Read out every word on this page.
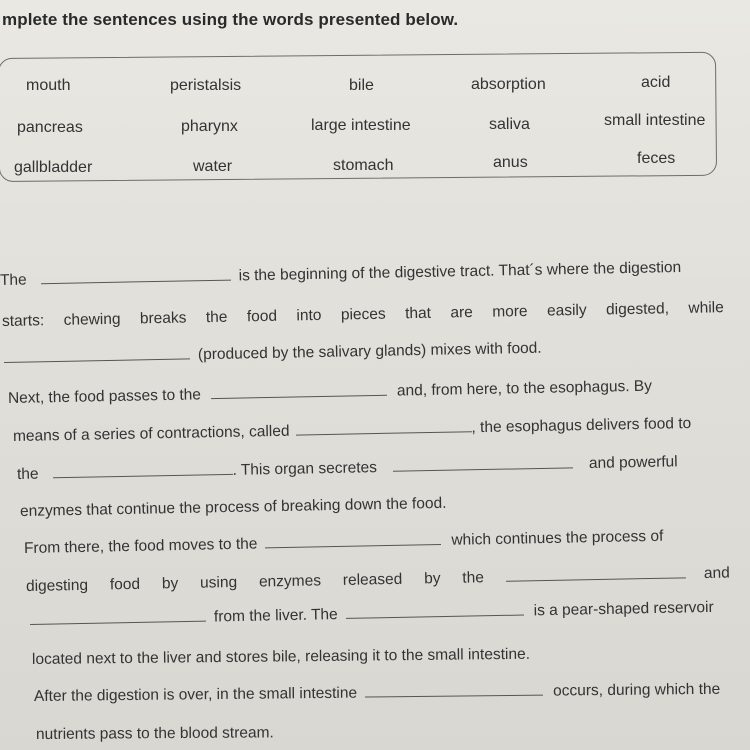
mplete the sentences using the words presented below.
mouth	peristalsis	bile	absorption	acid
pancreas	pharynx	large intestine	saliva	small intestine
gallbladder	water	stomach	anus	feces
The	is the beginning of the digestive tract. That´s where the digestion
starts: chewing breaks the food into pieces that are more easily digested, while
(produced by the salivary glands) mixes with food.
Next, the food passes to the	and, from here, to the esophagus. By
means of a series of contractions, called	, the esophagus delivers food to
the	. This organ secretes	and powerful
enzymes that continue the process of breaking down the food.
From there, the food moves to the	which continues the process of
digesting food by using enzymes released by the	and
from the liver. The	is a pear-shaped reservoir
located next to the liver and stores bile, releasing it to the small intestine.
After the digestion is over, in the small intestine	occurs, during which the
nutrients pass to the blood stream.
